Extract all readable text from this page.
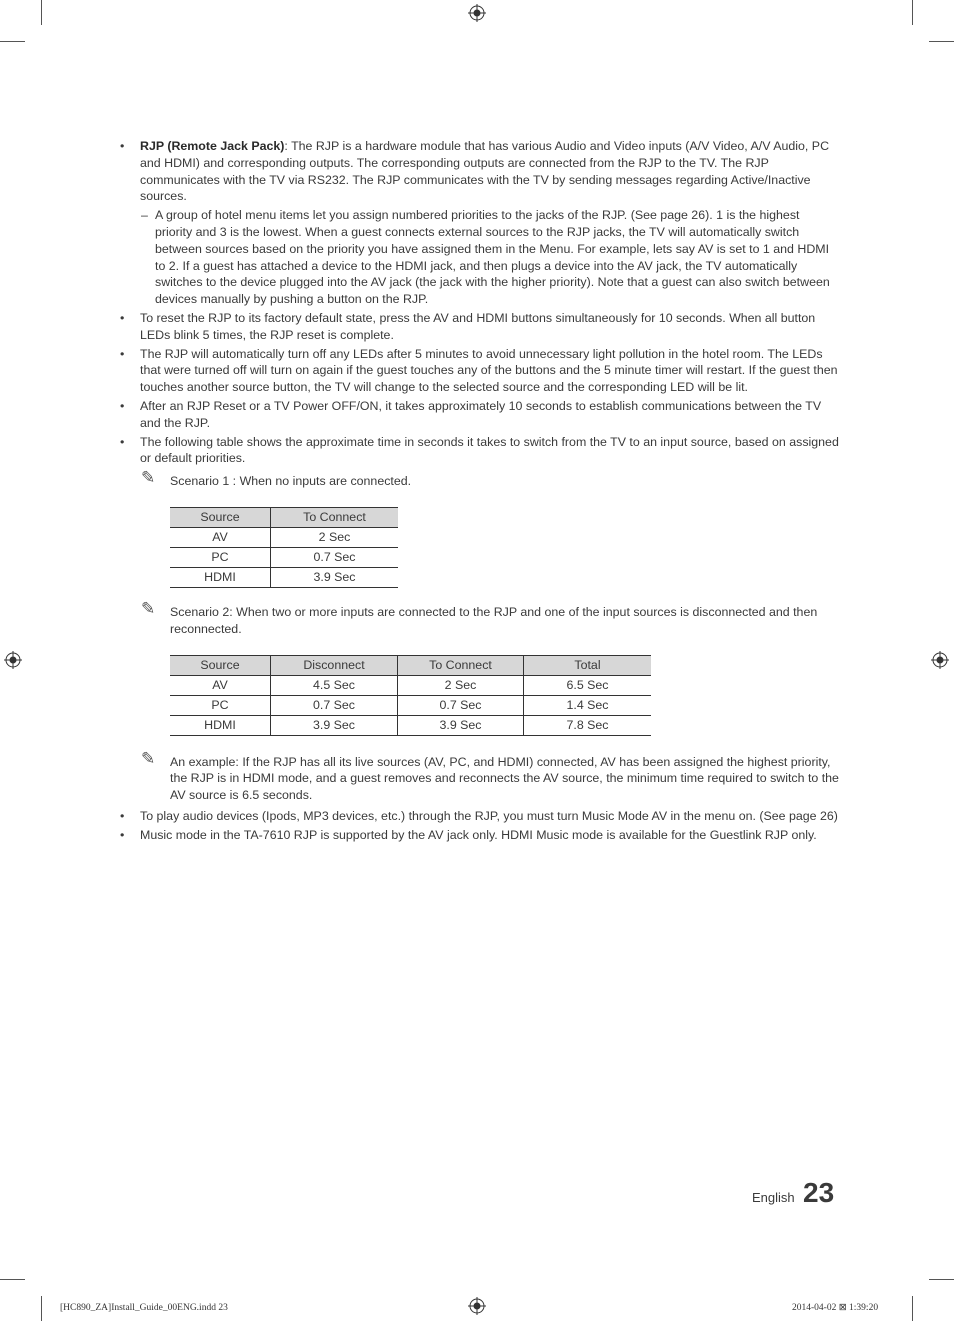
• RJP (Remote Jack Pack): The RJP is a hardware module that has various Audio and Video inputs (A/V Video, A/V Audio, PC and HDMI) and corresponding outputs. The corresponding outputs are connected from the RJP to the TV. The RJP communicates with the TV via RS232. The RJP communicates with the TV by sending messages regarding Active/Inactive sources.
– A group of hotel menu items let you assign numbered priorities to the jacks of the RJP. (See page 26). 1 is the highest priority and 3 is the lowest. When a guest connects external sources to the RJP jacks, the TV will automatically switch between sources based on the priority you have assigned them in the Menu. For example, lets say AV is set to 1 and HDMI to 2. If a guest has attached a device to the HDMI jack, and then plugs a device into the AV jack, the TV automatically switches to the device plugged into the AV jack (the jack with the higher priority). Note that a guest can also switch between devices manually by pushing a button on the RJP.
• To reset the RJP to its factory default state, press the AV and HDMI buttons simultaneously for 10 seconds. When all button LEDs blink 5 times, the RJP reset is complete.
• The RJP will automatically turn off any LEDs after 5 minutes to avoid unnecessary light pollution in the hotel room. The LEDs that were turned off will turn on again if the guest touches any of the buttons and the 5 minute timer will restart. If the guest then touches another source button, the TV will change to the selected source and the corresponding LED will be lit.
• After an RJP Reset or a TV Power OFF/ON, it takes approximately 10 seconds to establish communications between the TV and the RJP.
• The following table shows the approximate time in seconds it takes to switch from the TV to an input source, based on assigned or default priorities.
✎ Scenario 1 : When no inputs are connected.
Source	To Connect
AV	2 Sec
PC	0.7 Sec
HDMI	3.9 Sec
✎ Scenario 2: When two or more inputs are connected to the RJP and one of the input sources is disconnected and then reconnected.
Source	Disconnect	To Connect	Total
AV	4.5 Sec	2 Sec	6.5 Sec
PC	0.7 Sec	0.7 Sec	1.4 Sec
HDMI	3.9 Sec	3.9 Sec	7.8 Sec
✎ An example: If the RJP has all its live sources (AV, PC, and HDMI) connected, AV has been assigned the highest priority, the RJP is in HDMI mode, and a guest removes and reconnects the AV source, the minimum time required to switch to the AV source is 6.5 seconds.
• To play audio devices (Ipods, MP3 devices, etc.) through the RJP, you must turn Music Mode AV in the menu on. (See page 26)
• Music mode in the TA-7610 RJP is supported by the AV jack only. HDMI Music mode is available for the Guestlink RJP only.
English 23
[HC890_ZA]Install_Guide_00ENG.indd 23	2014-04-02 ⊠ 1:39:20
